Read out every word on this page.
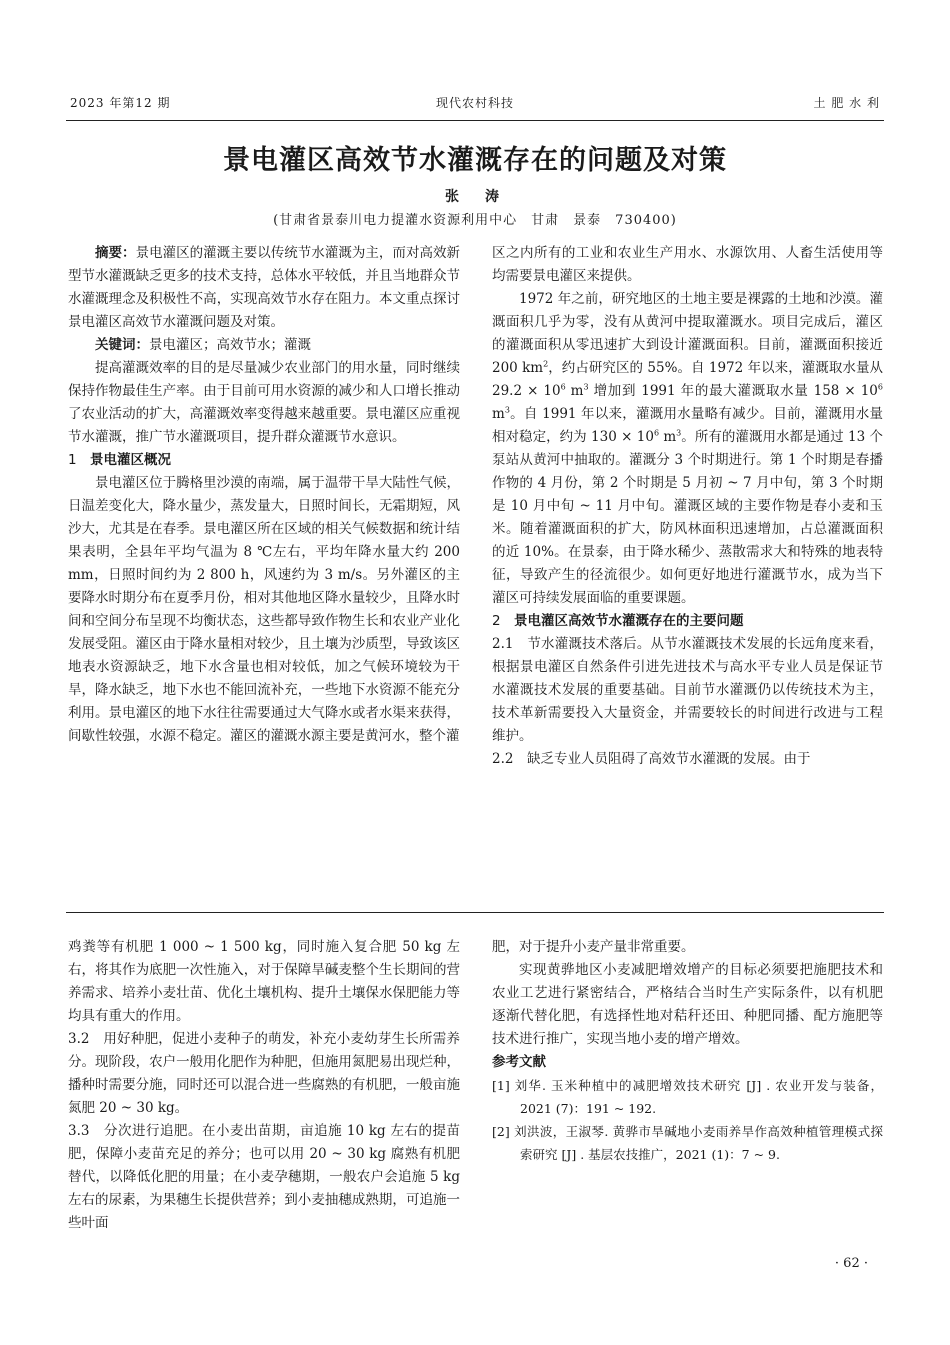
2023 年第12 期	现代农村科技	土 肥 水 利
景电灌区高效节水灌溉存在的问题及对策
张　涛
(甘肃省景泰川电力提灌水资源利用中心　甘肃　景泰　730400)

摘要：景电灌区的灌溉主要以传统节水灌溉为主，而对高效新型节水灌溉缺乏更多的技术支持，总体水平较低，并且当地群众节水灌溉理念及积极性不高，实现高效节水存在阻力。本文重点探讨景电灌区高效节水灌溉问题及对策。

关键词：景电灌区；高效节水；灌溉

提高灌溉效率的目的是尽量减少农业部门的用水量，同时继续保持作物最佳生产率。由于目前可用水资源的减少和人口增长推动了农业活动的扩大，高灌溉效率变得越来越重要。景电灌区应重视节水灌溉，推广节水灌溉项目，提升群众灌溉节水意识。

1 景电灌区概况

景电灌区位于腾格里沙漠的南端，属于温带干旱大陆性气候，日温差变化大，降水量少，蒸发量大，日照时间长，无霜期短，风沙大，尤其是在春季。景电灌区所在区域的相关气候数据和统计结果表明，全县年平均气温为 8 ℃左右，平均年降水量大约 200 mm，日照时间约为 2 800 h，风速约为 3 m/s。另外灌区的主要降水时期分布在夏季月份，相对其他地区降水量较少，且降水时间和空间分布呈现不均衡状态，这些都导致作物生长和农业产业化发展受阻。灌区由于降水量相对较少，且土壤为沙质型，导致该区地表水资源缺乏，地下水含量也相对较低，加之气候环境较为干旱，降水缺乏，地下水也不能回流补充，一些地下水资源不能充分利用。景电灌区的地下水往往需要通过大气降水或者水渠来获得，间歇性较强，水源不稳定。灌区的灌溉水源主要是黄河水，整个灌

区之内所有的工业和农业生产用水、水源饮用、人畜生活使用等均需要景电灌区来提供。

1972 年之前，研究地区的土地主要是裸露的土地和沙漠。灌溉面积几乎为零，没有从黄河中提取灌溉水。项目完成后，灌区的灌溉面积从零迅速扩大到设计灌溉面积。目前，灌溉面积接近 200 $km^2$，约占研究区的 55%。自 1972 年以来，灌溉取水量从 $29.2 \times 10^6$ $m^3$ 增加到 1991 年的最大灌溉取水量 $158 \times 10^6$ $m^3$。自 1991 年以来，灌溉用水量略有减少。目前，灌溉用水量相对稳定，约为 $130 \times 10^6$ $m^3$。所有的灌溉用水都是通过 13 个泵站从黄河中抽取的。灌溉分 3 个时期进行。第 1 个时期是春播作物的 4 月份，第 2 个时期是 5 月初 ~ 7 月中旬，第 3 个时期是 10 月中旬 ~ 11 月中旬。灌溉区域的主要作物是春小麦和玉米。随着灌溉面积的扩大，防风林面积迅速增加，占总灌溉面积的近 10%。在景泰，由于降水稀少、蒸散需求大和特殊的地表特征，导致产生的径流很少。如何更好地进行灌溉节水，成为当下灌区可持续发展面临的重要课题。

2 景电灌区高效节水灌溉存在的主要问题

2.1　节水灌溉技术落后。从节水灌溉技术发展的长远角度来看，根据景电灌区自然条件引进先进技术与高水平专业人员是保证节水灌溉技术发展的重要基础。目前节水灌溉仍以传统技术为主，技术革新需要投入大量资金，并需要较长的时间进行改进与工程维护。

2.2　缺乏专业人员阻碍了高效节水灌溉的发展。由于

鸡粪等有机肥 1 000 ~ 1 500 kg，同时施入复合肥 50 kg 左右，将其作为底肥一次性施入，对于保障旱碱麦整个生长期间的营养需求、培养小麦壮苗、优化土壤机构、提升土壤保水保肥能力等均具有重大的作用。

3.2　用好种肥，促进小麦种子的萌发，补充小麦幼芽生长所需养分。现阶段，农户一般用化肥作为种肥，但施用氮肥易出现烂种，播种时需要分施，同时还可以混合进一些腐熟的有机肥，一般亩施氮肥 20 ~ 30 kg。

3.3　分次进行追肥。在小麦出苗期，亩追施 10 kg 左右的提苗肥，保障小麦苗充足的养分；也可以用 20 ~ 30 kg 腐熟有机肥替代，以降低化肥的用量；在小麦孕穗期，一般农户会追施 5 kg 左右的尿素，为果穗生长提供营养；到小麦抽穗成熟期，可追施一些叶面

肥，对于提升小麦产量非常重要。

实现黄骅地区小麦减肥增效增产的目标必须要把施肥技术和农业工艺进行紧密结合，严格结合当时生产实际条件，以有机肥逐渐代替化肥，有选择性地对秸秆还田、种肥同播、配方施肥等技术进行推广，实现当地小麦的增产增效。

参考文献

[1] 刘华. 玉米种植中的减肥增效技术研究 [J] . 农业开发与装备，2021 (7)：191 ~ 192.

[2] 刘洪波，王淑琴. 黄骅市旱碱地小麦雨养旱作高效种植管理模式探索研究 [J] . 基层农技推广，2021 (1)：7 ~ 9.

· 62 ·
